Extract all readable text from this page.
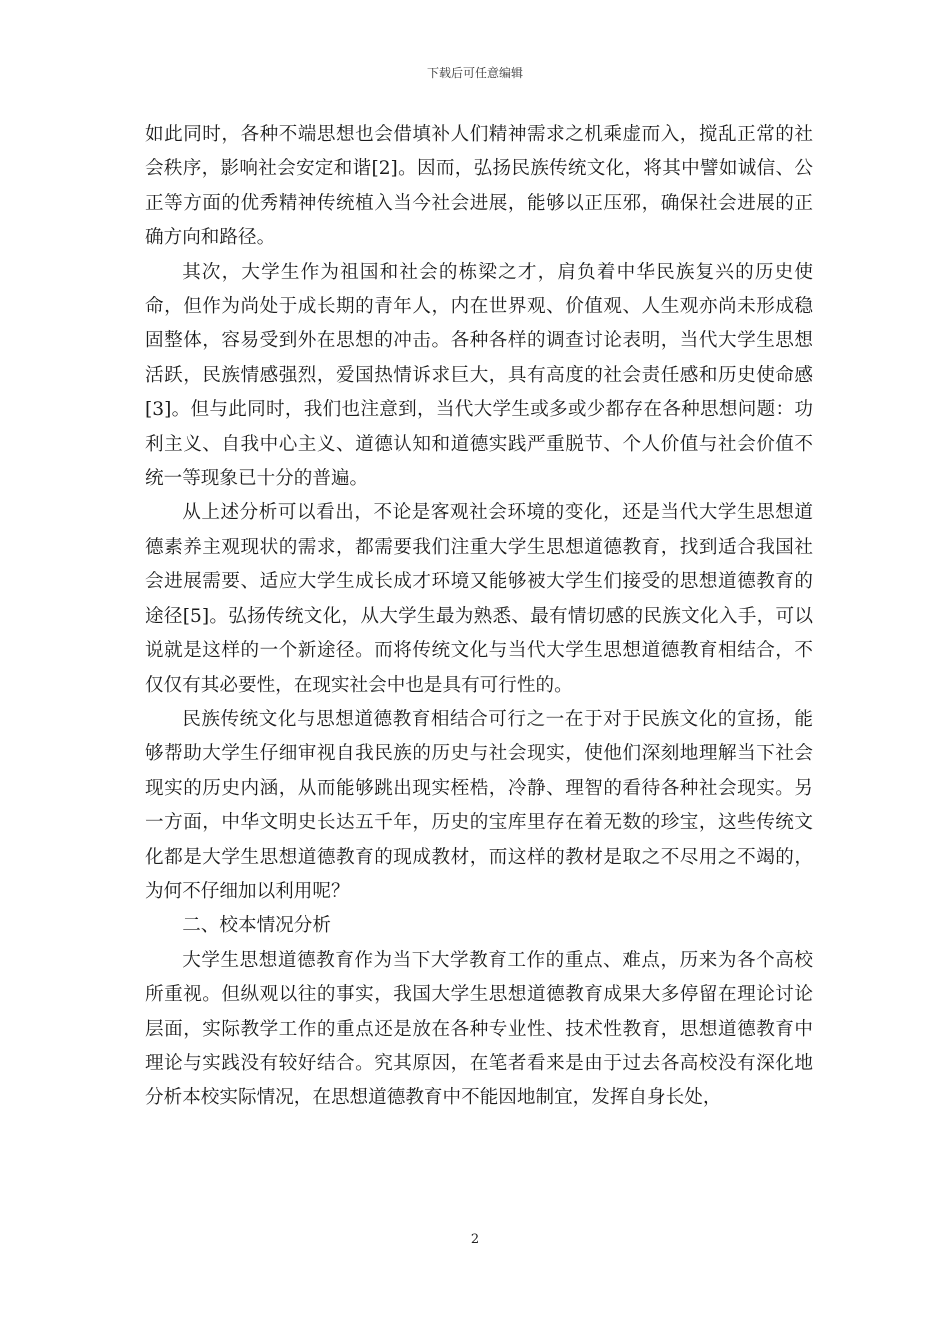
下载后可任意编辑

如此同时，各种不端思想也会借填补人们精神需求之机乘虚而入，搅乱正常的社会秩序，影响社会安定和谐[2]。因而，弘扬民族传统文化，将其中譬如诚信、公正等方面的优秀精神传统植入当今社会进展，能够以正压邪，确保社会进展的正确方向和路径。

其次，大学生作为祖国和社会的栋梁之才，肩负着中华民族复兴的历史使命，但作为尚处于成长期的青年人，内在世界观、价值观、人生观亦尚未形成稳固整体，容易受到外在思想的冲击。各种各样的调查讨论表明，当代大学生思想活跃，民族情感强烈，爱国热情诉求巨大，具有高度的社会责任感和历史使命感[3]。但与此同时，我们也注意到，当代大学生或多或少都存在各种思想问题：功利主义、自我中心主义、道德认知和道德实践严重脱节、个人价值与社会价值不统一等现象已十分的普遍。

从上述分析可以看出，不论是客观社会环境的变化，还是当代大学生思想道德素养主观现状的需求，都需要我们注重大学生思想道德教育，找到适合我国社会进展需要、适应大学生成长成才环境又能够被大学生们接受的思想道德教育的途径[5]。弘扬传统文化，从大学生最为熟悉、最有情切感的民族文化入手，可以说就是这样的一个新途径。而将传统文化与当代大学生思想道德教育相结合，不仅仅有其必要性，在现实社会中也是具有可行性的。

民族传统文化与思想道德教育相结合可行之一在于对于民族文化的宣扬，能够帮助大学生仔细审视自我民族的历史与社会现实，使他们深刻地理解当下社会现实的历史内涵，从而能够跳出现实桎梏，冷静、理智的看待各种社会现实。另一方面，中华文明史长达五千年，历史的宝库里存在着无数的珍宝，这些传统文化都是大学生思想道德教育的现成教材，而这样的教材是取之不尽用之不竭的，为何不仔细加以利用呢？

二、校本情况分析

大学生思想道德教育作为当下大学教育工作的重点、难点，历来为各个高校所重视。但纵观以往的事实，我国大学生思想道德教育成果大多停留在理论讨论层面，实际教学工作的重点还是放在各种专业性、技术性教育，思想道德教育中理论与实践没有较好结合。究其原因，在笔者看来是由于过去各高校没有深化地分析本校实际情况，在思想道德教育中不能因地制宜，发挥自身长处，

2
